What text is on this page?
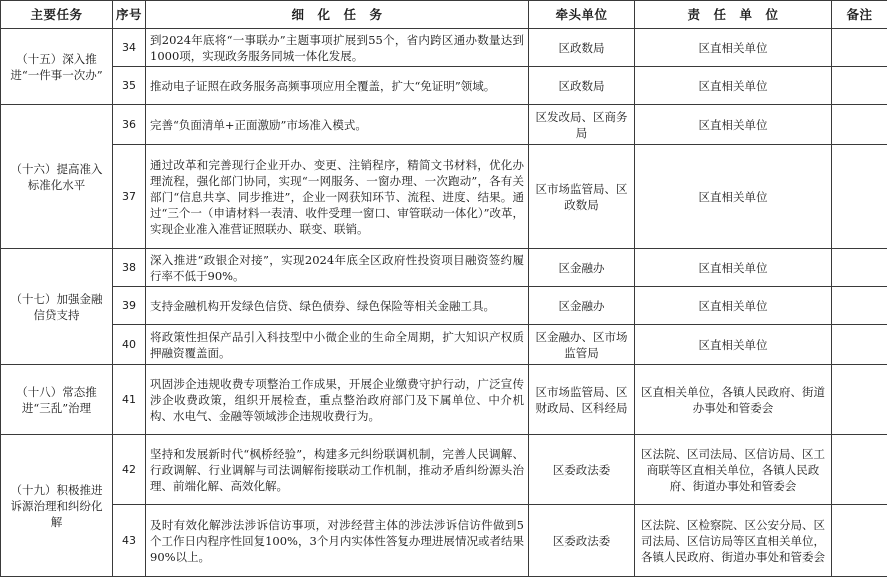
主要任务	序号	细　化　任　务	牵头单位	责　任　单　位	备注
（十五）深入推进“一件事一次办”	34	到2024年底将“一事联办”主题事项扩展到55个，省内跨区通办数量达到1000项，实现政务服务同城一体化发展。	区政数局	区直相关单位	
	35	推动电子证照在政务服务高频事项应用全覆盖，扩大“免证明”领域。	区政数局	区直相关单位	
（十六）提高准入标准化水平	36	完善“负面清单+正面激励”市场准入模式。	区发改局、区商务局	区直相关单位	
	37	通过改革和完善现行企业开办、变更、注销程序，精简文书材料，优化办理流程，强化部门协同，实现“一网服务、一窗办理、一次跑动”，各有关部门“信息共享、同步推进”，企业一网获知环节、流程、进度、结果。通过“三个一（申请材料一表清、收件受理一窗口、审管联动一体化）”改革，实现企业准入准营证照联办、联变、联销。	区市场监管局、区政数局	区直相关单位	
（十七）加强金融信贷支持	38	深入推进“政银企对接”，实现2024年底全区政府性投资项目融资签约履行率不低于90%。	区金融办	区直相关单位	
	39	支持金融机构开发绿色信贷、绿色债券、绿色保险等相关金融工具。	区金融办	区直相关单位	
	40	将政策性担保产品引入科技型中小微企业的生命全周期，扩大知识产权质押融资覆盖面。	区金融办、区市场监管局	区直相关单位	
（十八）常态推进“三乱”治理	41	巩固涉企违规收费专项整治工作成果，开展企业缴费守护行动，广泛宣传涉企收费政策，组织开展检查，重点整治政府部门及下属单位、中介机构、水电气、金融等领域涉企违规收费行为。	区市场监管局、区财政局、区科经局	区直相关单位，各镇人民政府、街道办事处和管委会	
（十九）积极推进诉源治理和纠纷化解	42	坚持和发展新时代“枫桥经验”，构建多元纠纷联调机制，完善人民调解、行政调解、行业调解与司法调解衔接联动工作机制，推动矛盾纠纷源头治理、前端化解、高效化解。	区委政法委	区法院、区司法局、区信访局、区工商联等区直相关单位，各镇人民政府、街道办事处和管委会	
	43	及时有效化解涉法涉诉信访事项，对涉经营主体的涉法涉诉信访件做到5个工作日内程序性回复100%，3个月内实体性答复办理进展情况或者结果90%以上。	区委政法委	区法院、区检察院、区公安分局、区司法局、区信访局等区直相关单位，各镇人民政府、街道办事处和管委会	
